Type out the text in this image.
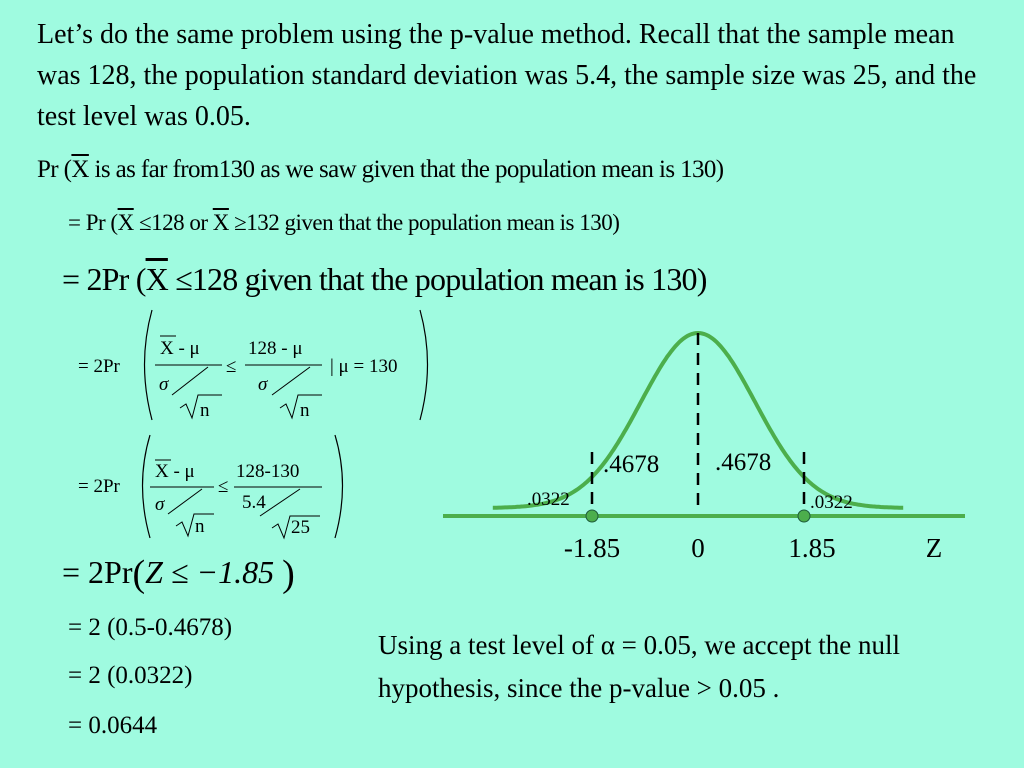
Let’s do the same problem using the p-value method. Recall that the sample mean was 128, the population standard deviation was 5.4, the sample size was 25, and the test level was 0.05.
Pr ($\overline{X}$ is as far from130 as we saw given that the population mean is 130)
= Pr ($\overline{X} \le 128$ or $\overline{X} \ge 132$ given that the population mean is 130)
= 2Pr ($\overline{X} \le 128$ given that the population mean is 130)
= 2Pr
X - μ
σ
n
≤
128 - μ
σ
n
| μ = 130
= 2Pr
X - μ
σ
n
≤
128-130
5.4
25
= 2Pr(Z ≤ −1.85 )
= 2 (0.5-0.4678)
= 2 (0.0322)
= 0.0644
Using a test level of α = 0.05, we accept the null hypothesis, since the p-value > 0.05 .
.4678 .4678
.0322	.0322
-1.85	0	1.85	Z
